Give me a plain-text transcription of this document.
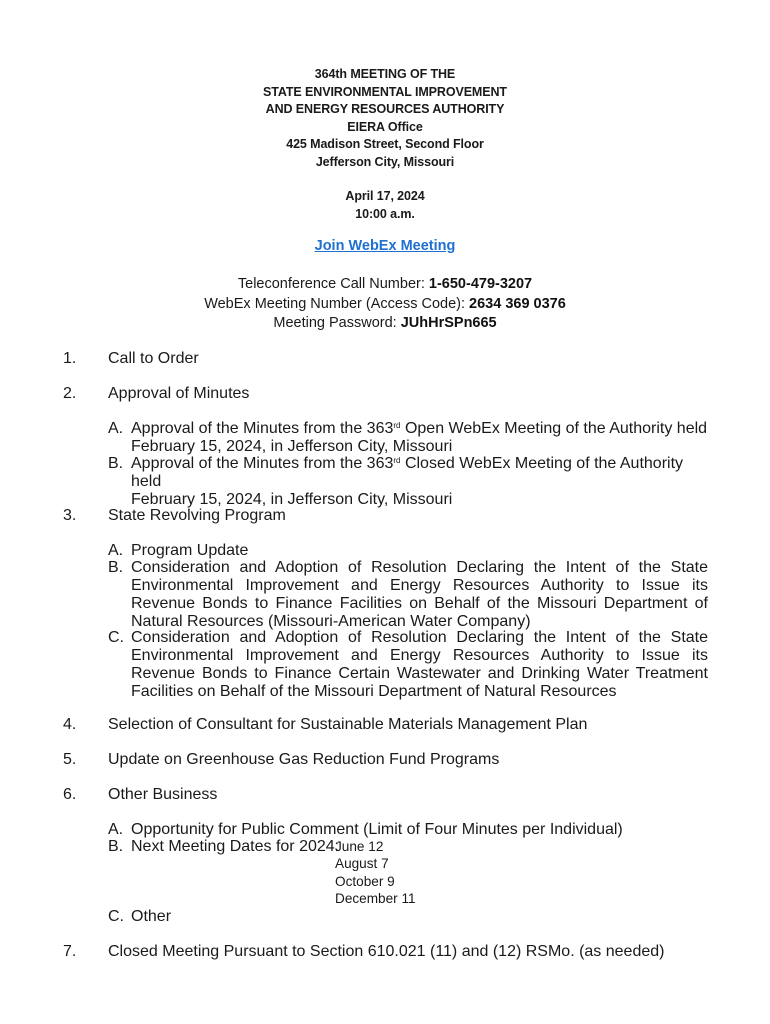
364th MEETING OF THE
STATE ENVIRONMENTAL IMPROVEMENT
AND ENERGY RESOURCES AUTHORITY
EIERA Office
425 Madison Street, Second Floor
Jefferson City, Missouri
April 17, 2024
10:00 a.m.
Join WebEx Meeting
Teleconference Call Number: 1-650-479-3207
WebEx Meeting Number (Access Code): 2634 369 0376
Meeting Password: JUhHrSPn665
1. Call to Order
2. Approval of Minutes
A. Approval of the Minutes from the 363rd Open WebEx Meeting of the Authority held
February 15, 2024, in Jefferson City, Missouri
B. Approval of the Minutes from the 363rd Closed WebEx Meeting of the Authority held
February 15, 2024, in Jefferson City, Missouri
3. State Revolving Program
A. Program Update
B. Consideration and Adoption of Resolution Declaring the Intent of the State Environmental Improvement and Energy Resources Authority to Issue its Revenue Bonds to Finance Facilities on Behalf of the Missouri Department of Natural Resources (Missouri-American Water Company)
C. Consideration and Adoption of Resolution Declaring the Intent of the State Environmental Improvement and Energy Resources Authority to Issue its Revenue Bonds to Finance Certain Wastewater and Drinking Water Treatment Facilities on Behalf of the Missouri Department of Natural Resources
4. Selection of Consultant for Sustainable Materials Management Plan
5. Update on Greenhouse Gas Reduction Fund Programs
6. Other Business
A. Opportunity for Public Comment (Limit of Four Minutes per Individual)
B. Next Meeting Dates for 2024:
June 12
August 7
October 9
December 11
C. Other
7. Closed Meeting Pursuant to Section 610.021 (11) and (12) RSMo. (as needed)
